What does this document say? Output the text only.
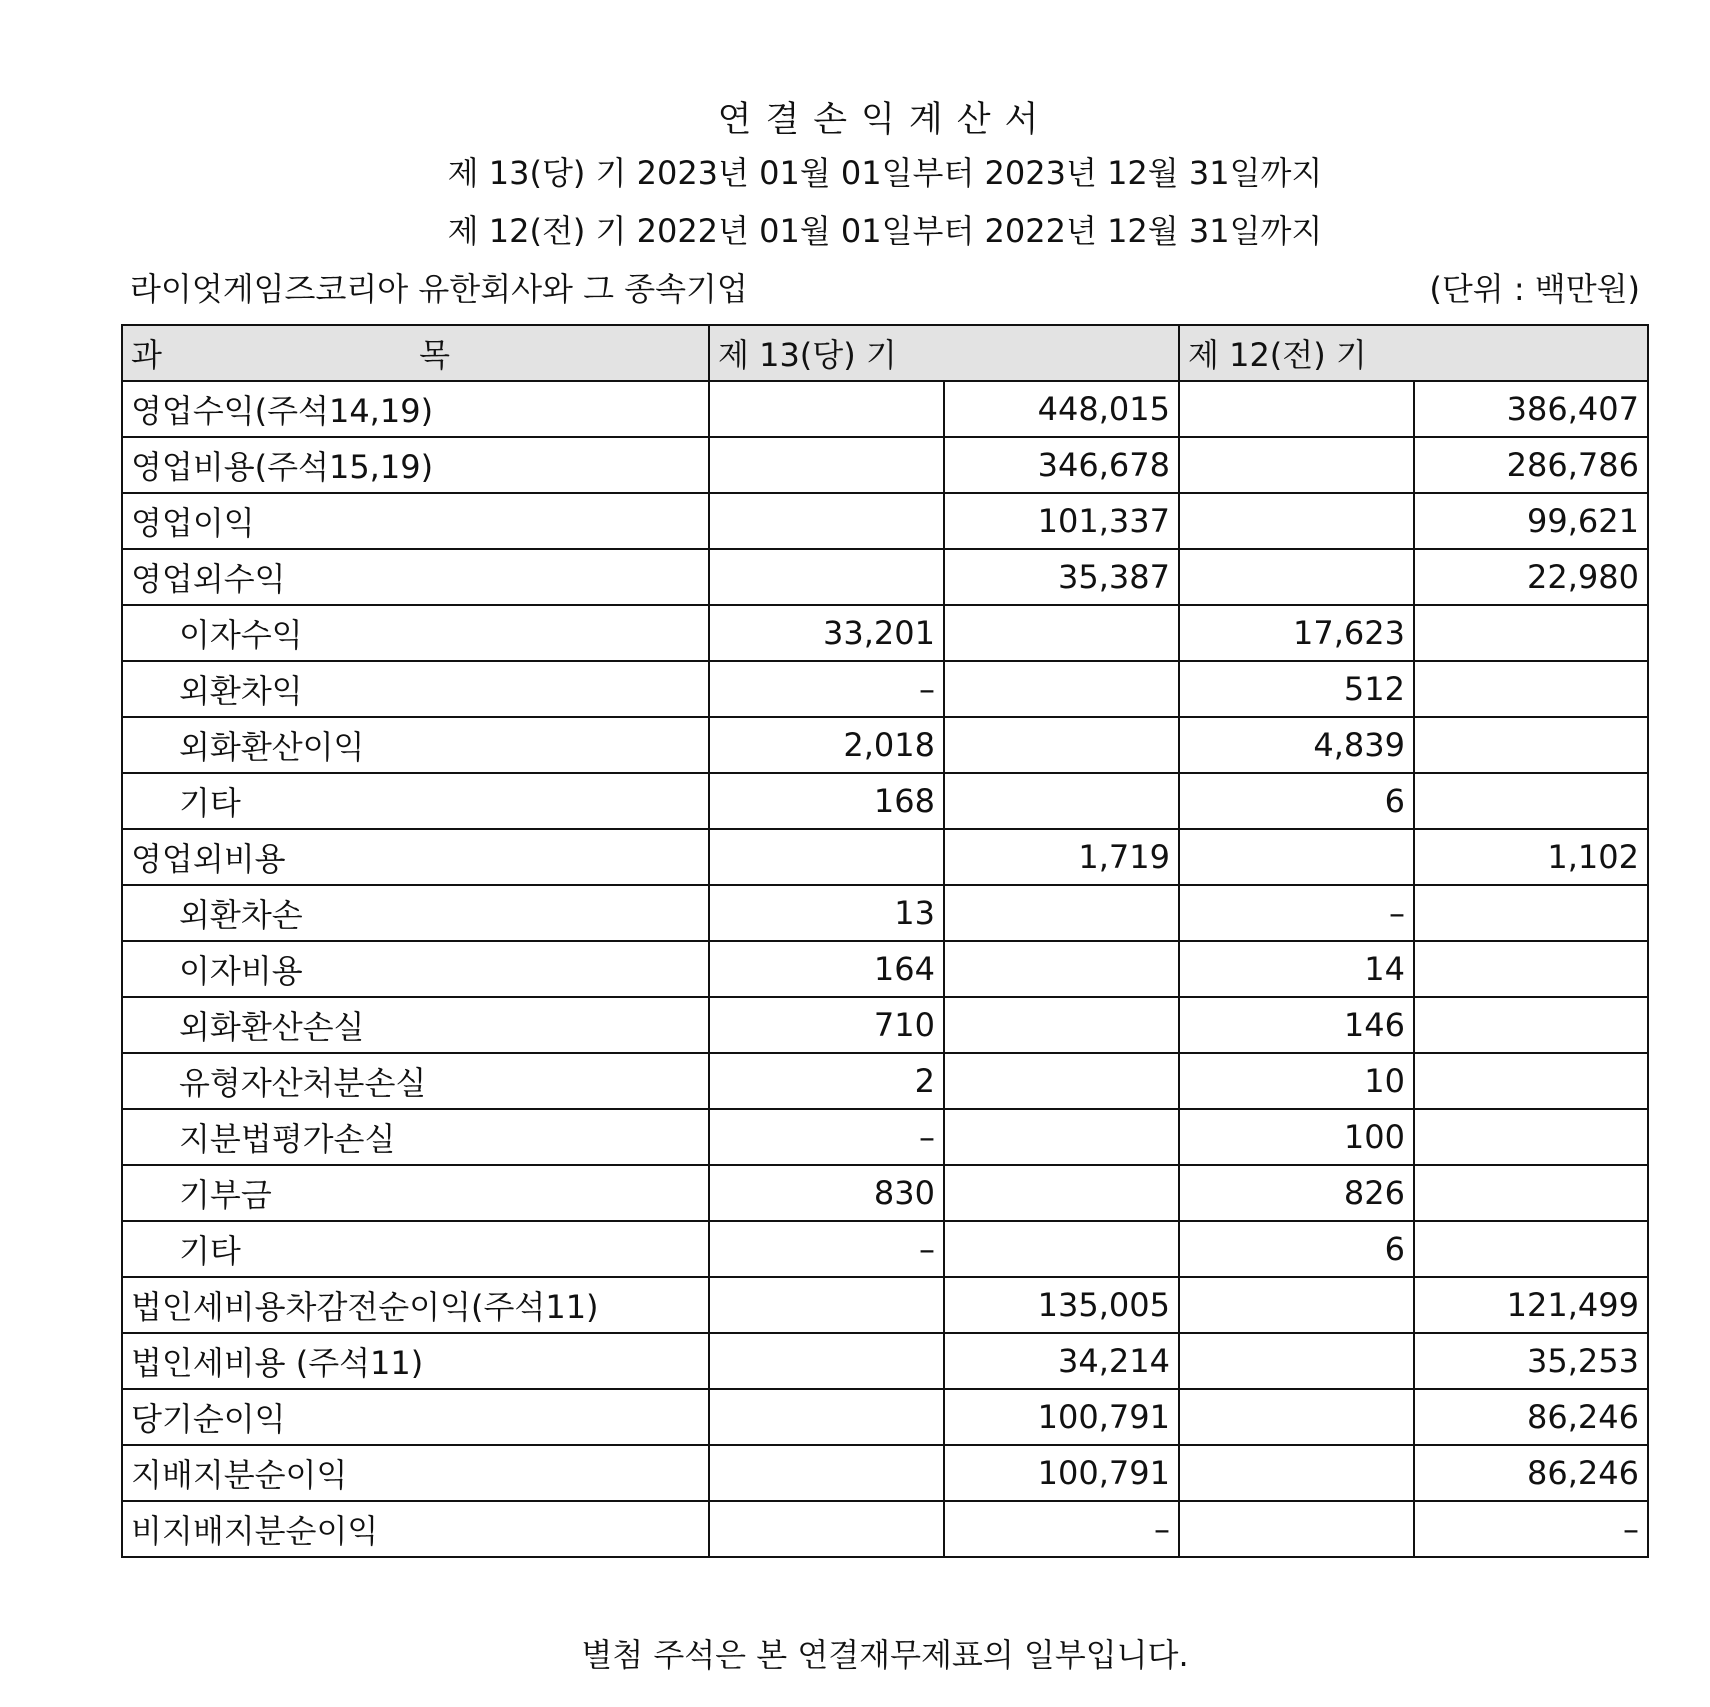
연결손익계산서
제 13(당) 기 2023년 01월 01일부터 2023년 12월 31일까지
제 12(전) 기 2022년 01월 01일부터 2022년 12월 31일까지
라이엇게임즈코리아 유한회사와 그 종속기업	(단위 : 백만원)
과 목	제 13(당) 기		제 12(전) 기	
영업수익(주석14,19)		448,015		386,407
영업비용(주석15,19)		346,678		286,786
영업이익		101,337		99,621
영업외수익		35,387		22,980
이자수익	33,201		17,623	
외환차익	–		512	
외화환산이익	2,018		4,839	
기타	168		6	
영업외비용		1,719		1,102
외환차손	13		–	
이자비용	164		14	
외화환산손실	710		146	
유형자산처분손실	2		10	
지분법평가손실	–		100	
기부금	830		826	
기타	–		6	
법인세비용차감전순이익(주석11)		135,005		121,499
법인세비용 (주석11)		34,214		35,253
당기순이익		100,791		86,246
지배지분순이익		100,791		86,246
비지배지분순이익		–		–
별첨 주석은 본 연결재무제표의 일부입니다.
